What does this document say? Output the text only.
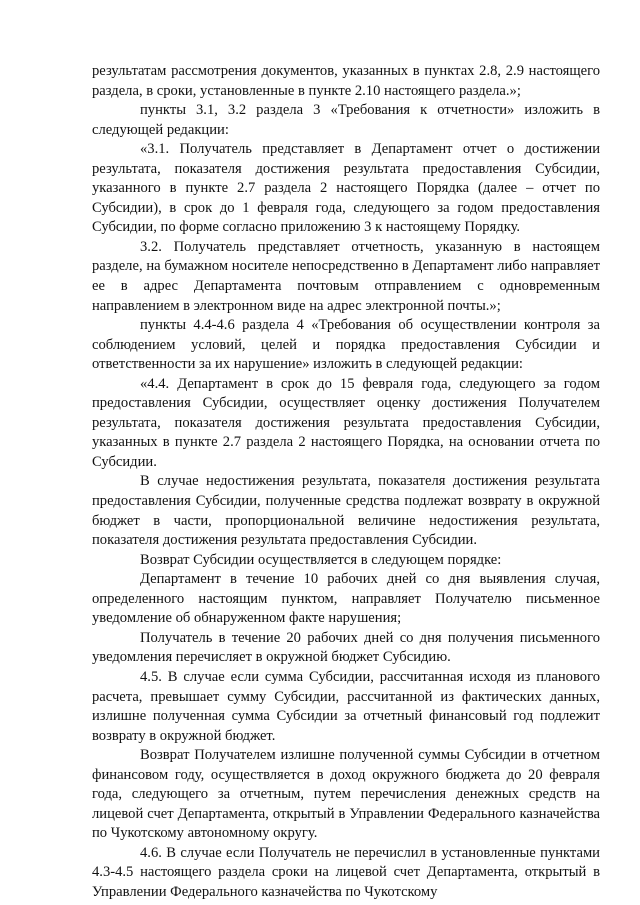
результатам рассмотрения документов, указанных в пунктах 2.8, 2.9 настоящего раздела, в сроки, установленные в пункте 2.10 настоящего раздела.»;

пункты 3.1, 3.2 раздела 3 «Требования к отчетности» изложить в следующей редакции:

«3.1. Получатель представляет в Департамент отчет о достижении результата, показателя достижения результата предоставления Субсидии, указанного в пункте 2.7 раздела 2 настоящего Порядка (далее – отчет по Субсидии), в срок до 1 февраля года, следующего за годом предоставления Субсидии, по форме согласно приложению 3 к настоящему Порядку.

3.2. Получатель представляет отчетность, указанную в настоящем разделе, на бумажном носителе непосредственно в Департамент либо направляет ее в адрес Департамента почтовым отправлением с одновременным направлением в электронном виде на адрес электронной почты.»;

пункты 4.4-4.6 раздела 4 «Требования об осуществлении контроля за соблюдением условий, целей и порядка предоставления Субсидии и ответственности за их нарушение» изложить в следующей редакции:

«4.4. Департамент в срок до 15 февраля года, следующего за годом предоставления Субсидии, осуществляет оценку достижения Получателем результата, показателя достижения результата предоставления Субсидии, указанных в пункте 2.7 раздела 2 настоящего Порядка, на основании отчета по Субсидии.

В случае недостижения результата, показателя достижения результата предоставления Субсидии, полученные средства подлежат возврату в окружной бюджет в части, пропорциональной величине недостижения результата, показателя достижения результата предоставления Субсидии.

Возврат Субсидии осуществляется в следующем порядке:

Департамент в течение 10 рабочих дней со дня выявления случая, определенного настоящим пунктом, направляет Получателю письменное уведомление об обнаруженном факте нарушения;

Получатель в течение 20 рабочих дней со дня получения письменного уведомления перечисляет в окружной бюджет Субсидию.

4.5. В случае если сумма Субсидии, рассчитанная исходя из планового расчета, превышает сумму Субсидии, рассчитанной из фактических данных, излишне полученная сумма Субсидии за отчетный финансовый год подлежит возврату в окружной бюджет.

Возврат Получателем излишне полученной суммы Субсидии в отчетном финансовом году, осуществляется в доход окружного бюджета до 20 февраля года, следующего за отчетным, путем перечисления денежных средств на лицевой счет Департамента, открытый в Управлении Федерального казначейства по Чукотскому автономному округу.

4.6. В случае если Получатель не перечислил в установленные пунктами 4.3-4.5 настоящего раздела сроки на лицевой счет Департамента, открытый в Управлении Федерального казначейства по Чукотскому
